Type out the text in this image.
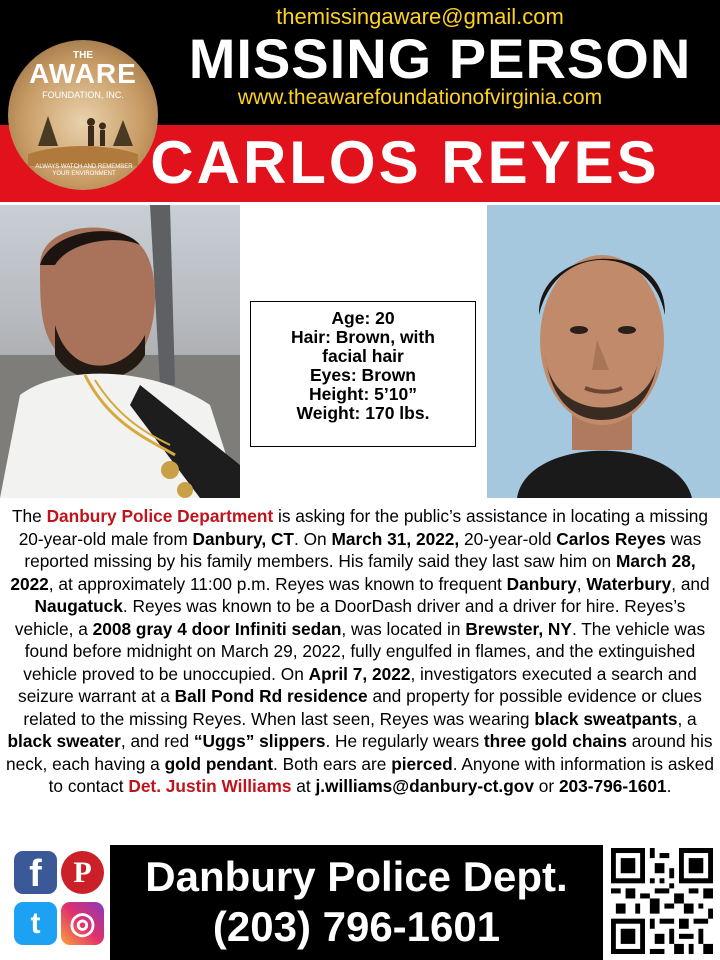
themissingaware@gmail.com
MISSING PERSON
www.theawarefoundationofvirginia.com
CARLOS REYES
THE
AWARE
FOUNDATION, INC.
ALWAYS WATCH AND REMEMBER YOUR ENVIRONMENT
Age: 20
Hair: Brown, with
facial hair
Eyes: Brown
Height: 5’10”
Weight: 170 lbs.
The Danbury Police Department is asking for the public’s assistance in locating a missing 20-year-old male from Danbury, CT. On March 31, 2022, 20-year-old Carlos Reyes was reported missing by his family members. His family said they last saw him on March 28, 2022, at approximately 11:00 p.m. Reyes was known to frequent Danbury, Waterbury, and Naugatuck. Reyes was known to be a DoorDash driver and a driver for hire. Reyes’s vehicle, a 2008 gray 4 door Infiniti sedan, was located in Brewster, NY. The vehicle was found before midnight on March 29, 2022, fully engulfed in flames, and the extinguished vehicle proved to be unoccupied. On April 7, 2022, investigators executed a search and seizure warrant at a Ball Pond Rd residence and property for possible evidence or clues related to the missing Reyes. When last seen, Reyes was wearing black sweatpants, a black sweater, and red “Uggs” slippers. He regularly wears three gold chains around his neck, each having a gold pendant. Both ears are pierced. Anyone with information is asked to contact Det. Justin Williams at j.williams@danbury-ct.gov or 203-796-1601.
f	P
t ◎
Danbury Police Dept.
(203) 796-1601
